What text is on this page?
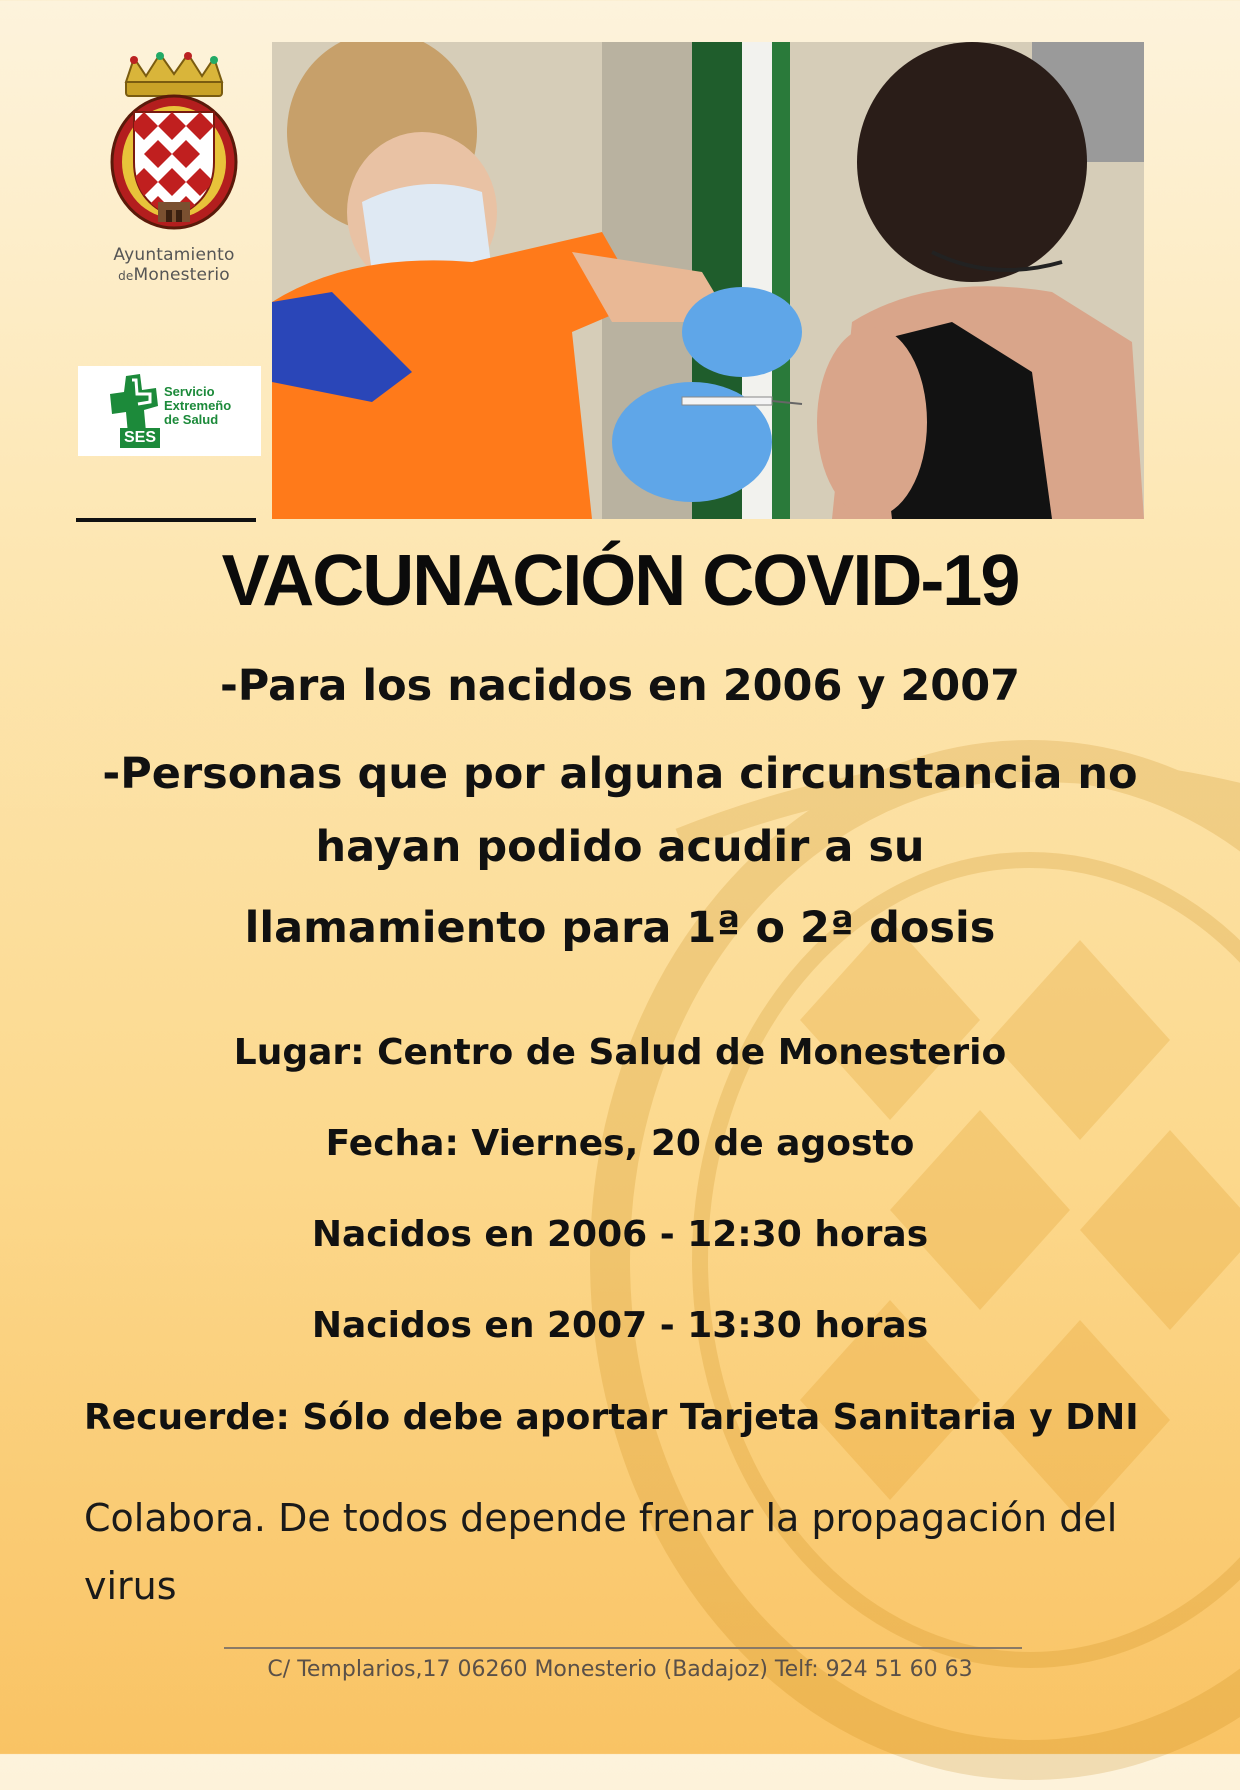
Ayuntamiento
deMonesterio
SES
Servicio
Extremeño
de Salud
VACUNACIÓN COVID-19
-Para los nacidos en 2006 y 2007
-Personas que por alguna circunstancia no
hayan podido acudir a su
llamamiento para 1ª o 2ª dosis
Lugar: Centro de Salud de Monesterio
Fecha: Viernes, 20 de agosto
Nacidos en 2006 - 12:30 horas
Nacidos en 2007 - 13:30 horas
Recuerde: Sólo debe aportar Tarjeta Sanitaria y DNI
Colabora. De todos depende frenar la propagación del virus
C/ Templarios,17 06260 Monesterio (Badajoz) Telf: 924 51 60 63
